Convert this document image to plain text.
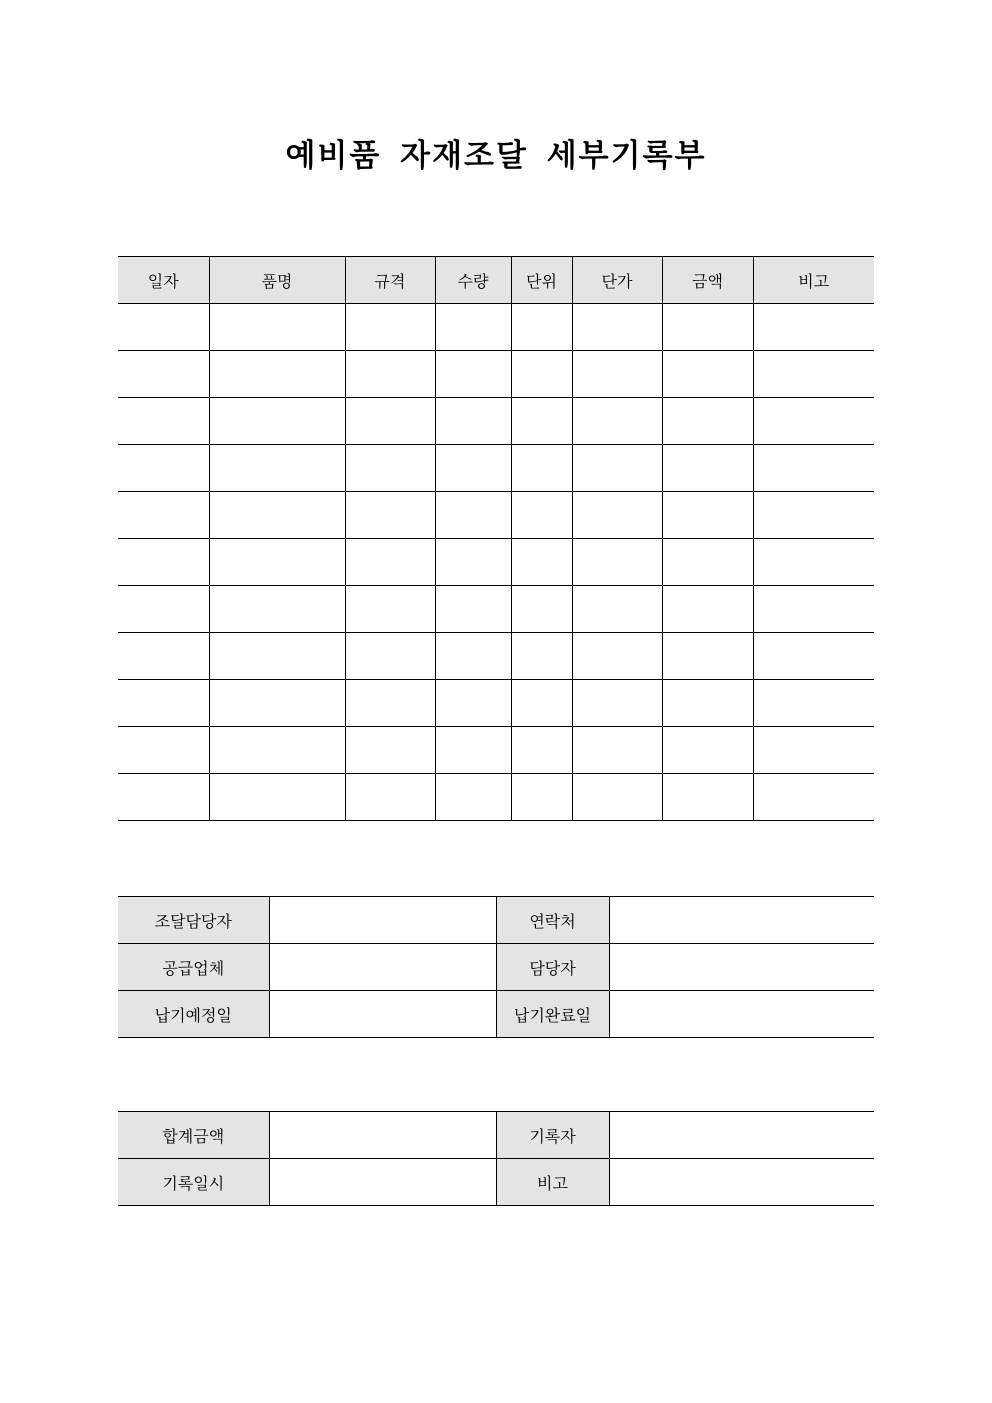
예비품 자재조달 세부기록부
일자	품명	규격	수량	단위	단가	금액	비고

조달담당자		연락처	
공급업체		담당자	
납기예정일		납기완료일	
합계금액		기록자	
기록일시		비고	
